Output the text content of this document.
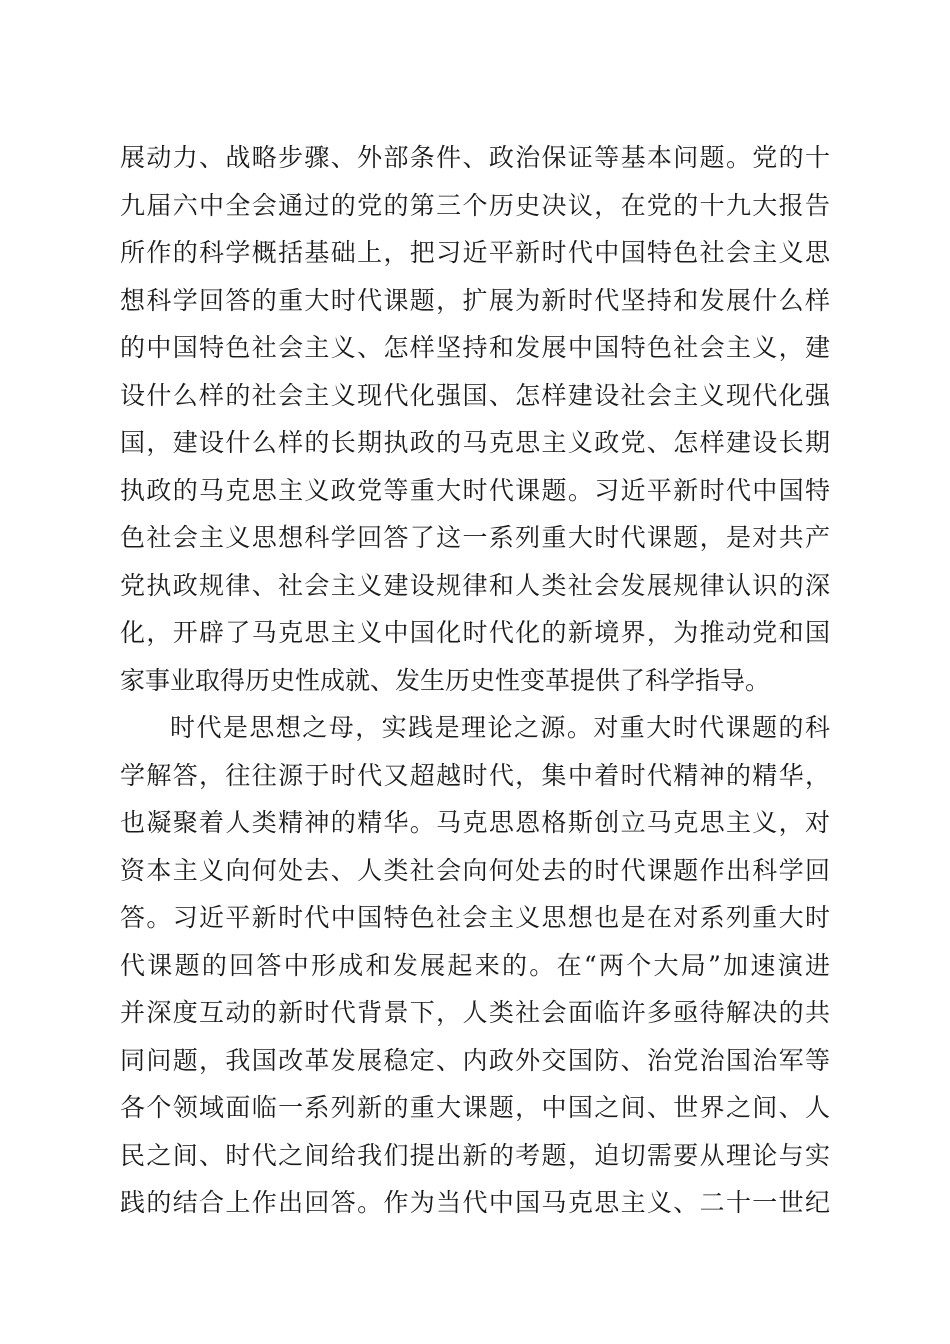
展动力、战略步骤、外部条件、政治保证等基本问题。党的十
九届六中全会通过的党的第三个历史决议，在党的十九大报告
所作的科学概括基础上，把习近平新时代中国特色社会主义思
想科学回答的重大时代课题，扩展为新时代坚持和发展什么样
的中国特色社会主义、怎样坚持和发展中国特色社会主义，建
设什么样的社会主义现代化强国、怎样建设社会主义现代化强
国，建设什么样的长期执政的马克思主义政党、怎样建设长期
执政的马克思主义政党等重大时代课题。习近平新时代中国特
色社会主义思想科学回答了这一系列重大时代课题，是对共产
党执政规律、社会主义建设规律和人类社会发展规律认识的深
化，开辟了马克思主义中国化时代化的新境界，为推动党和国
家事业取得历史性成就、发生历史性变革提供了科学指导。
时代是思想之母，实践是理论之源。对重大时代课题的科
学解答，往往源于时代又超越时代，集中着时代精神的精华，
也凝聚着人类精神的精华。马克思恩格斯创立马克思主义，对
资本主义向何处去、人类社会向何处去的时代课题作出科学回
答。习近平新时代中国特色社会主义思想也是在对系列重大时
代课题的回答中形成和发展起来的。在“两个大局”加速演进
并深度互动的新时代背景下，人类社会面临许多亟待解决的共
同问题，我国改革发展稳定、内政外交国防、治党治国治军等
各个领域面临一系列新的重大课题，中国之间、世界之间、人
民之间、时代之间给我们提出新的考题，迫切需要从理论与实
践的结合上作出回答。作为当代中国马克思主义、二十一世纪
